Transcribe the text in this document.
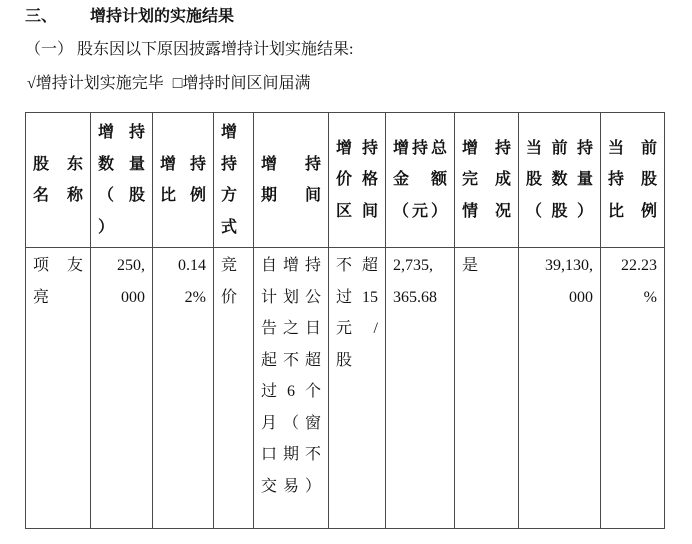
三、 增持计划的实施结果
（一） 股东因以下原因披露增持计划实施结果:
√增持计划实施完毕 □增持时间区间届满
股东
名称
增持
数量
（股
）
增持
比例
增
持
方
式
增持
期间
增持
价格
区间
增持总
金额
（元）
增持
完成
情况
当前持
股数量
（股）
当前
持股
比例
项友
亮
250,
000
0.14
2%
竞
价
自增持
计划公
告之日
起不超
过6个
月（窗
口期不
交易）
不超
过15
元/
股
2,735,
365.68
是	39,130,
000
22.23
%
